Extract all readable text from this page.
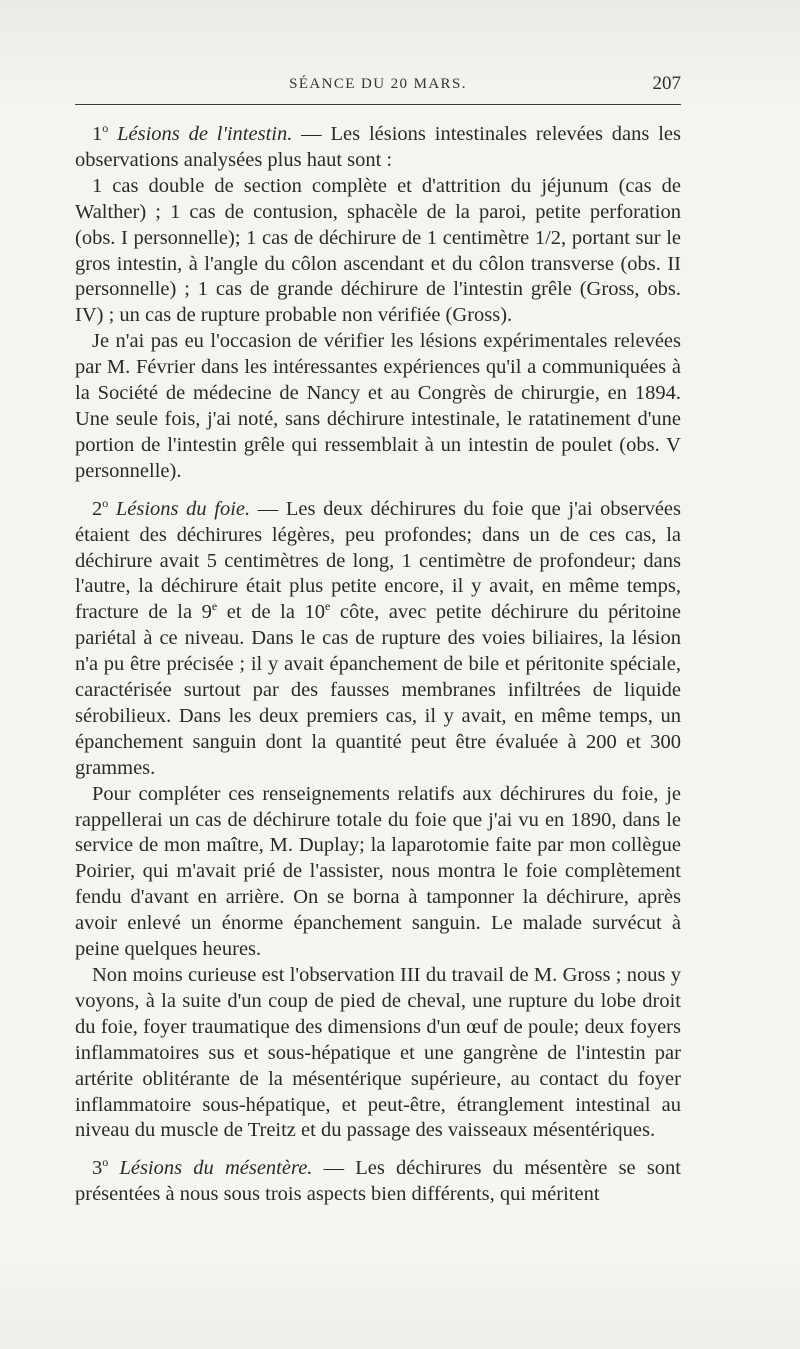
SÉANCE DU 20 MARS.	207

1$^o$ Lésions de l'intestin. — Les lésions intestinales relevées dans les observations analysées plus haut sont :

1 cas double de section complète et d'attrition du jéjunum (cas de Walther) ; 1 cas de contusion, sphacèle de la paroi, petite perforation (obs. I personnelle); 1 cas de déchirure de 1 centimètre 1/2, portant sur le gros intestin, à l'angle du côlon ascendant et du côlon transverse (obs. II personnelle) ; 1 cas de grande déchirure de l'intestin grêle (Gross, obs. IV) ; un cas de rupture probable non vérifiée (Gross).

Je n'ai pas eu l'occasion de vérifier les lésions expérimentales relevées par M. Février dans les intéressantes expériences qu'il a communiquées à la Société de médecine de Nancy et au Congrès de chirurgie, en 1894. Une seule fois, j'ai noté, sans déchirure intestinale, le ratatinement d'une portion de l'intestin grêle qui ressemblait à un intestin de poulet (obs. V personnelle).

2$^o$ Lésions du foie. — Les deux déchirures du foie que j'ai observées étaient des déchirures légères, peu profondes; dans un de ces cas, la déchirure avait 5 centimètres de long, 1 centimètre de profondeur; dans l'autre, la déchirure était plus petite encore, il y avait, en même temps, fracture de la 9e et de la 10e côte, avec petite déchirure du péritoine pariétal à ce niveau. Dans le cas de rupture des voies biliaires, la lésion n'a pu être précisée ; il y avait épanchement de bile et péritonite spéciale, caractérisée surtout par des fausses membranes infiltrées de liquide sérobilieux. Dans les deux premiers cas, il y avait, en même temps, un épanchement sanguin dont la quantité peut être évaluée à 200 et 300 grammes.

Pour compléter ces renseignements relatifs aux déchirures du foie, je rappellerai un cas de déchirure totale du foie que j'ai vu en 1890, dans le service de mon maître, M. Duplay; la laparotomie faite par mon collègue Poirier, qui m'avait prié de l'assister, nous montra le foie complètement fendu d'avant en arrière. On se borna à tamponner la déchirure, après avoir enlevé un énorme épanchement sanguin. Le malade survécut à peine quelques heures.

Non moins curieuse est l'observation III du travail de M. Gross ; nous y voyons, à la suite d'un coup de pied de cheval, une rupture du lobe droit du foie, foyer traumatique des dimensions d'un œuf de poule; deux foyers inflammatoires sus et sous-hépatique et une gangrène de l'intestin par artérite oblitérante de la mésentérique supérieure, au contact du foyer inflammatoire sous-hépatique, et peut-être, étranglement intestinal au niveau du muscle de Treitz et du passage des vaisseaux mésentériques.

3$^o$ Lésions du mésentère. — Les déchirures du mésentère se sont présentées à nous sous trois aspects bien différents, qui méritent
